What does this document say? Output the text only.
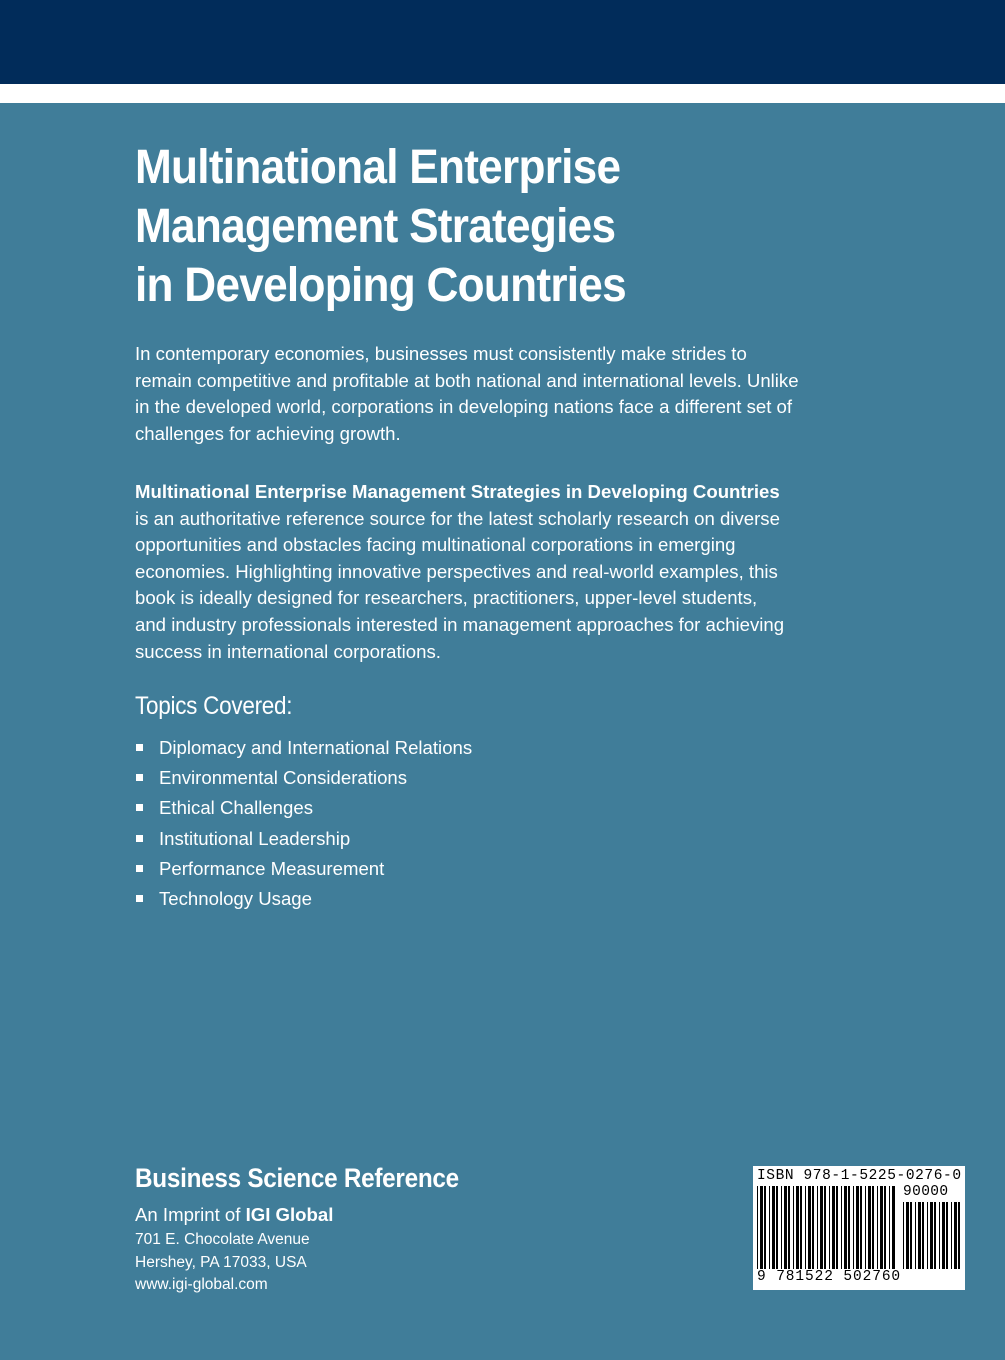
Multinational Enterprise
Management Strategies
in Developing Countries
In contemporary economies, businesses must consistently make strides to
remain competitive and profitable at both national and international levels. Unlike
in the developed world, corporations in developing nations face a different set of
challenges for achieving growth.
Multinational Enterprise Management Strategies in Developing Countries
is an authoritative reference source for the latest scholarly research on diverse
opportunities and obstacles facing multinational corporations in emerging
economies. Highlighting innovative perspectives and real-world examples, this
book is ideally designed for researchers, practitioners, upper-level students,
and industry professionals interested in management approaches for achieving
success in international corporations.
Topics Covered:
Diplomacy and International Relations
Environmental Considerations
Ethical Challenges
Institutional Leadership
Performance Measurement
Technology Usage
Business Science Reference
An Imprint of IGI Global
701 E. Chocolate Avenue
Hershey, PA 17033, USA
www.igi-global.com
ISBN 978-1-5225-0276-0
90000
9 781522 502760
